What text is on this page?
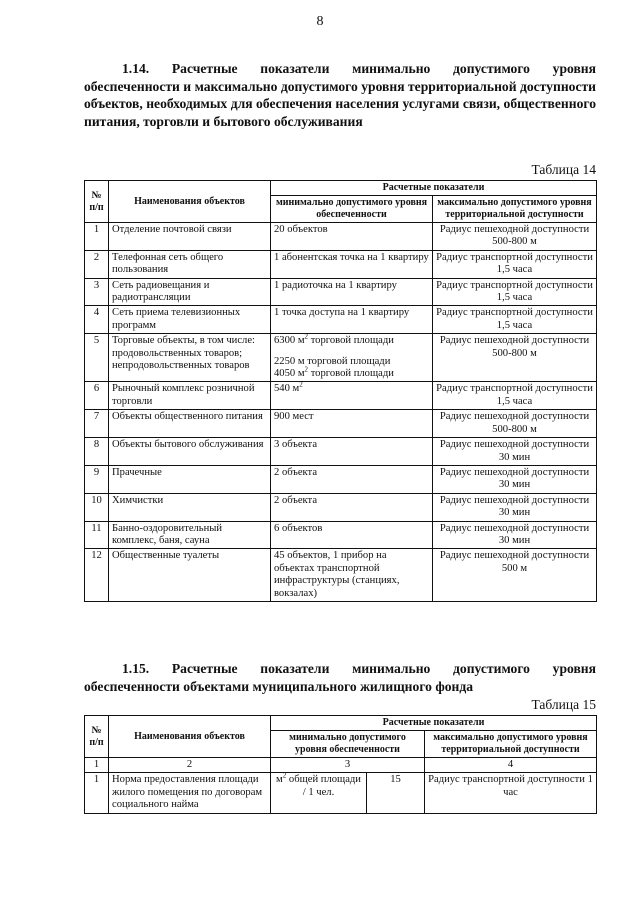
8
1.14. Расчетные показатели минимально допустимого уровня обеспеченности и максимально допустимого уровня территориальной доступности объектов, необходимых для обеспечения населения услугами связи, общественного питания, торговли и бытового обслуживания
Таблица 14
№ п/п	Наименования объектов	Расчетные показатели	
		минимально допустимого уровня обеспеченности	максимально допустимого уровня территориальной доступности
1	Отделение почтовой связи	20 объектов	Радиус пешеходной доступности 500-800 м
2	Телефонная сеть общего пользования	1 абонентская точка на 1 квартиру	Радиус транспортной доступности 1,5 часа
3	Сеть радиовещания и радиотрансляции	1 радиоточка на 1 квартиру	Радиус транспортной доступности 1,5 часа
4	Сеть приема телевизионных программ	1 точка доступа на 1 квартиру	Радиус транспортной доступности 1,5 часа
5	Торговые объекты, в том числе:
продовольственных товаров;
непродовольственных товаров	6300 $м^2$ торговой площади
2250 м торговой площади
4050 $м^2$ торговой площади	Радиус пешеходной доступности 500-800 м
6	Рыночный комплекс розничной торговли	540 $м^2$	Радиус транспортной доступности 1,5 часа
7	Объекты общественного питания	900 мест	Радиус пешеходной доступности 500-800 м
8	Объекты бытового обслуживания	3 объекта	Радиус пешеходной доступности 30 мин
9	Прачечные	2 объекта	Радиус пешеходной доступности 30 мин
10	Химчистки	2 объекта	Радиус пешеходной доступности 30 мин
11	Банно-оздоровительный комплекс, баня, сауна	6 объектов	Радиус пешеходной доступности 30 мин
12	Общественные туалеты	45 объектов, 1 прибор на объектах транспортной инфраструктуры (станциях, вокзалах)	Радиус пешеходной доступности 500 м
1.15. Расчетные показатели минимально допустимого уровня обеспеченности объектами муниципального жилищного фонда
Таблица 15
№ п/п	Наименования объектов	Расчетные показатели		
		минимально допустимого уровня обеспеченности		максимально допустимого уровня территориальной доступности
1	2	3		4
1	Норма предоставления площади жилого помещения по договорам социального найма	$м^2$ общей площади / 1 чел.	15	Радиус транспортной доступности 1 час
